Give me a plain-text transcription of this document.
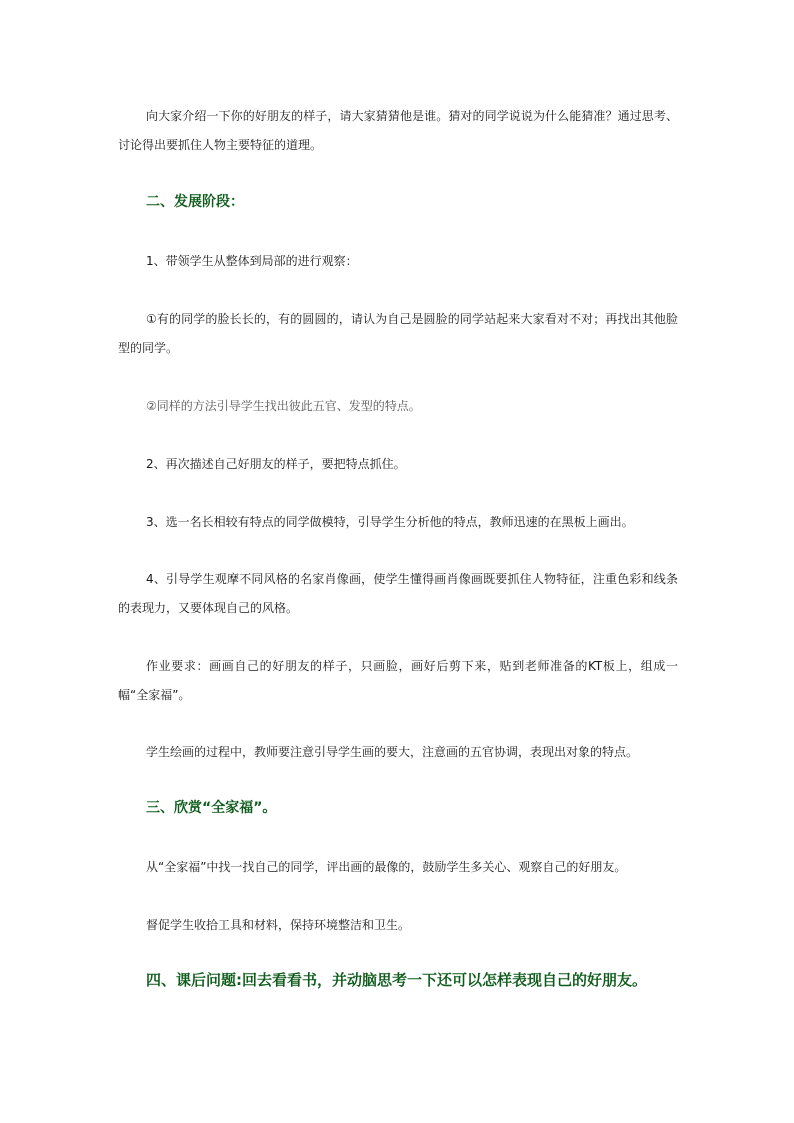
向大家介绍一下你的好朋友的样子，请大家猜猜他是谁。猜对的同学说说为什么能猜准？通过思考、讨论得出要抓住人物主要特征的道理。

二、发展阶段：

1、带领学生从整体到局部的进行观察：

①有的同学的脸长长的，有的圆圆的，请认为自己是圆脸的同学站起来大家看对不对；再找出其他脸型的同学。

②同样的方法引导学生找出彼此五官、发型的特点。

2、再次描述自己好朋友的样子，要把特点抓住。

3、选一名长相较有特点的同学做模特，引导学生分析他的特点，教师迅速的在黑板上画出。

4、引导学生观摩不同风格的名家肖像画，使学生懂得画肖像画既要抓住人物特征，注重色彩和线条的表现力，又要体现自己的风格。

作业要求：画画自己的好朋友的样子，只画脸，画好后剪下来，贴到老师准备的KT板上，组成一幅“全家福”。

学生绘画的过程中，教师要注意引导学生画的要大，注意画的五官协调，表现出对象的特点。

三、欣赏“全家福”。

从“全家福”中找一找自己的同学，评出画的最像的，鼓励学生多关心、观察自己的好朋友。

督促学生收拾工具和材料，保持环境整洁和卫生。

四、课后问题:回去看看书，并动脑思考一下还可以怎样表现自己的好朋友。
